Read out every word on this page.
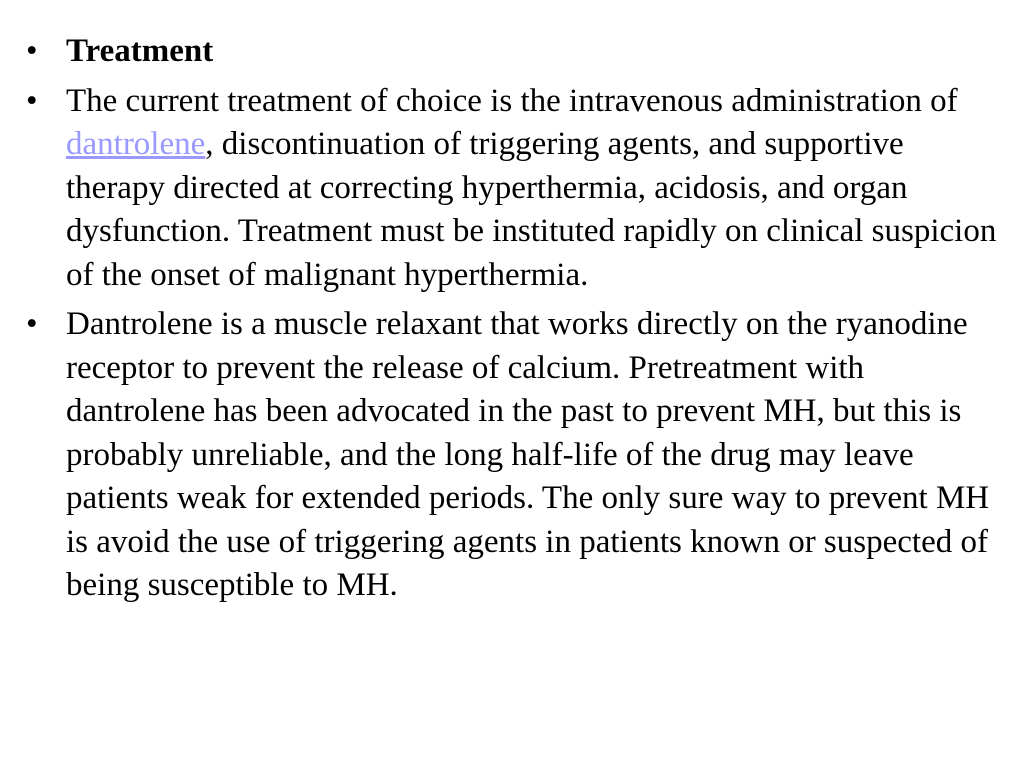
• Treatment
• The current treatment of choice is the intravenous administration of dantrolene, discontinuation of triggering agents, and supportive therapy directed at correcting hyperthermia, acidosis, and organ dysfunction. Treatment must be instituted rapidly on clinical suspicion of the onset of malignant hyperthermia.
• Dantrolene is a muscle relaxant that works directly on the ryanodine receptor to prevent the release of calcium. Pretreatment with dantrolene has been advocated in the past to prevent MH, but this is probably unreliable, and the long half-life of the drug may leave patients weak for extended periods. The only sure way to prevent MH is avoid the use of triggering agents in patients known or suspected of being susceptible to MH.
